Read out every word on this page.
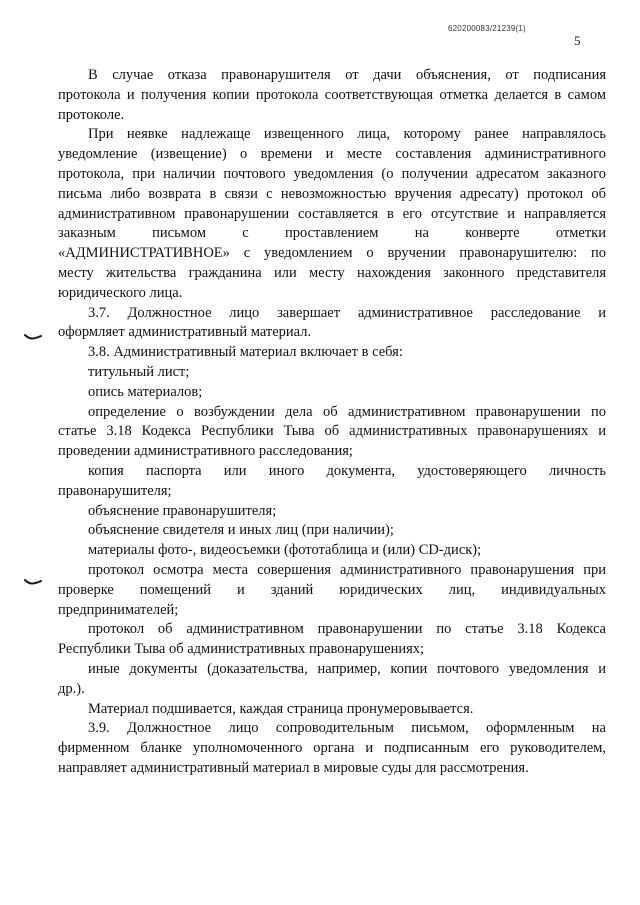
620200083/21239(1)
5
В случае отказа правонарушителя от дачи объяснения, от подписания
протокола и получения копии протокола соответствующая отметка делается в самом
протоколе.
При неявке надлежаще извещенного лица, которому ранее направлялось
уведомление (извещение) о времени и месте составления административного
протокола, при наличии почтового уведомления (о получении адресатом заказного
письма либо возврата в связи с невозможностью вручения адресату) протокол об
административном правонарушении составляется в его отсутствие и направляется
заказным письмом с проставлением на конверте отметки
«АДМИНИСТРАТИВНОЕ» с уведомлением о вручении правонарушителю: по
месту жительства гражданина или месту нахождения законного представителя
юридического лица.
3.7. Должностное лицо завершает административное расследование и
оформляет административный материал.
3.8. Административный материал включает в себя:
титульный лист;
опись материалов;
определение о возбуждении дела об административном правонарушении по
статье 3.18 Кодекса Республики Тыва об административных правонарушениях и
проведении административного расследования;
копия паспорта или иного документа, удостоверяющего личность
правонарушителя;
объяснение правонарушителя;
объяснение свидетеля и иных лиц (при наличии);
материалы фото-, видеосъемки (фототаблица и (или) CD-диск);
протокол осмотра места совершения административного правонарушения при
проверке помещений и зданий юридических лиц, индивидуальных
предпринимателей;
протокол об административном правонарушении по статье 3.18 Кодекса
Республики Тыва об административных правонарушениях;
иные документы (доказательства, например, копии почтового уведомления и
др.).
Материал подшивается, каждая страница пронумеровывается.
3.9. Должностное лицо сопроводительным письмом, оформленным на
фирменном бланке уполномоченного органа и подписанным его руководителем,
направляет административный материал в мировые суды для рассмотрения.
